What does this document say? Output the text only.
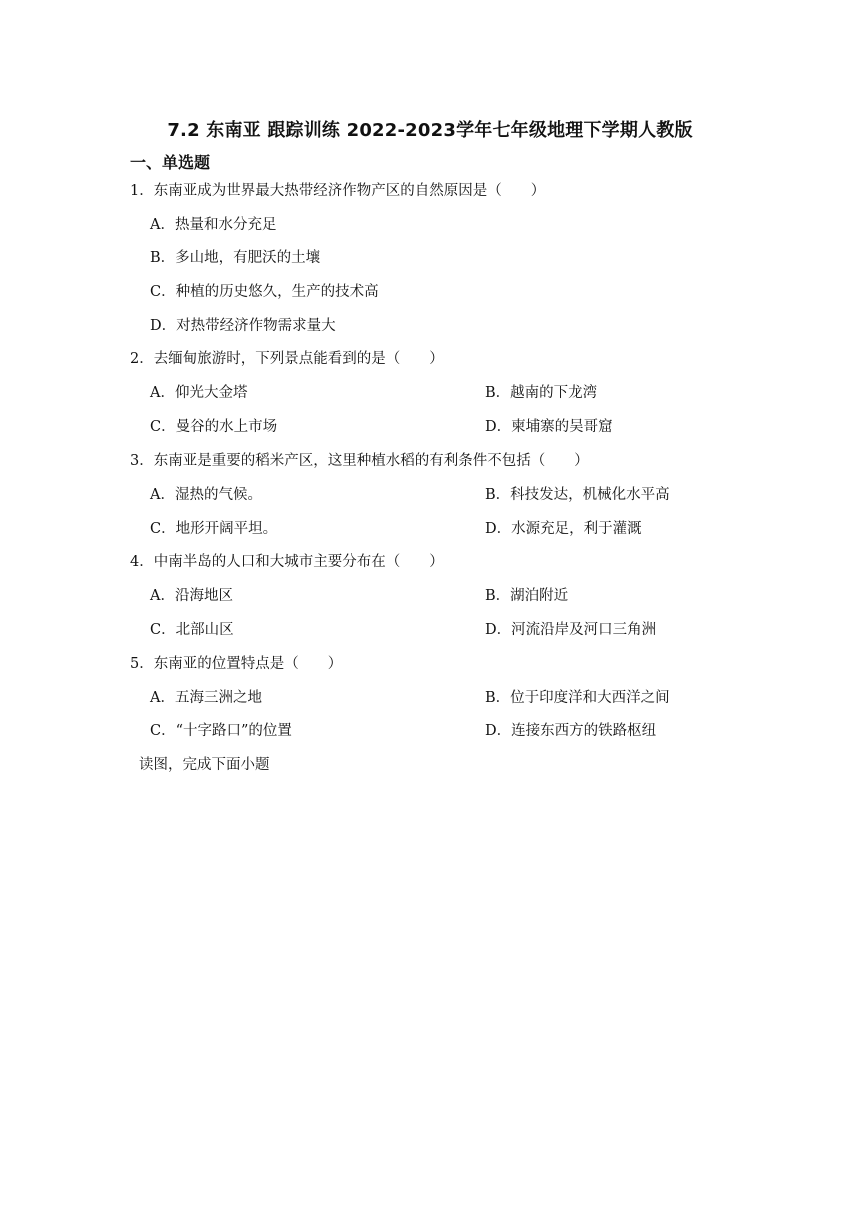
7.2 东南亚 跟踪训练 2022-2023学年七年级地理下学期人教版
一、单选题
1．东南亚成为世界最大热带经济作物产区的自然原因是（　　）
A．热量和水分充足
B．多山地，有肥沃的土壤
C．种植的历史悠久，生产的技术高
D．对热带经济作物需求量大
2．去缅甸旅游时，下列景点能看到的是（　　）
A．仰光大金塔	B．越南的下龙湾
C．曼谷的水上市场	D．柬埔寨的吴哥窟
3．东南亚是重要的稻米产区，这里种植水稻的有利条件不包括（　　）
A．湿热的气候。	B．科技发达，机械化水平高
C．地形开阔平坦。	D．水源充足，利于灌溉
4．中南半岛的人口和大城市主要分布在（　　）
A．沿海地区	B．湖泊附近
C．北部山区	D．河流沿岸及河口三角洲
5．东南亚的位置特点是（　　）
A．五海三洲之地	B．位于印度洋和大西洋之间
C．“十字路口”的位置	D．连接东西方的铁路枢纽
读图，完成下面小题
